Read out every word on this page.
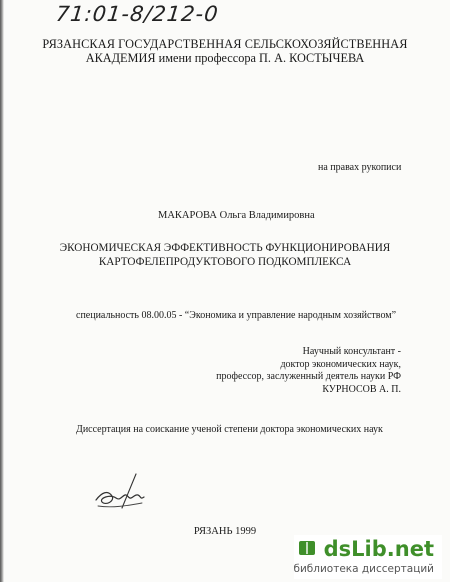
71:01-8/212-0
РЯЗАНСКАЯ ГОСУДАРСТВЕННАЯ СЕЛЬСКОХОЗЯЙСТВЕННАЯ
АКАДЕМИЯ имени профессора П. А. КОСТЫЧЕВА
на правах рукописи
МАКАРОВА Ольга Владимировна
ЭКОНОМИЧЕСКАЯ ЭФФЕКТИВНОСТЬ ФУНКЦИОНИРОВАНИЯ
КАРТОФЕЛЕПРОДУКТОВОГО ПОДКОМПЛЕКСА
специальность 08.00.05 - “Экономика и управление народным хозяйством”
Научный консультант -
доктор экономических наук,
профессор, заслуженный деятель науки РФ
КУРНОСОВ А. П.
Диссертация на соискание ученой степени доктора экономических наук
РЯЗАНЬ 1999
dsLib.net
библиотека диссертаций
